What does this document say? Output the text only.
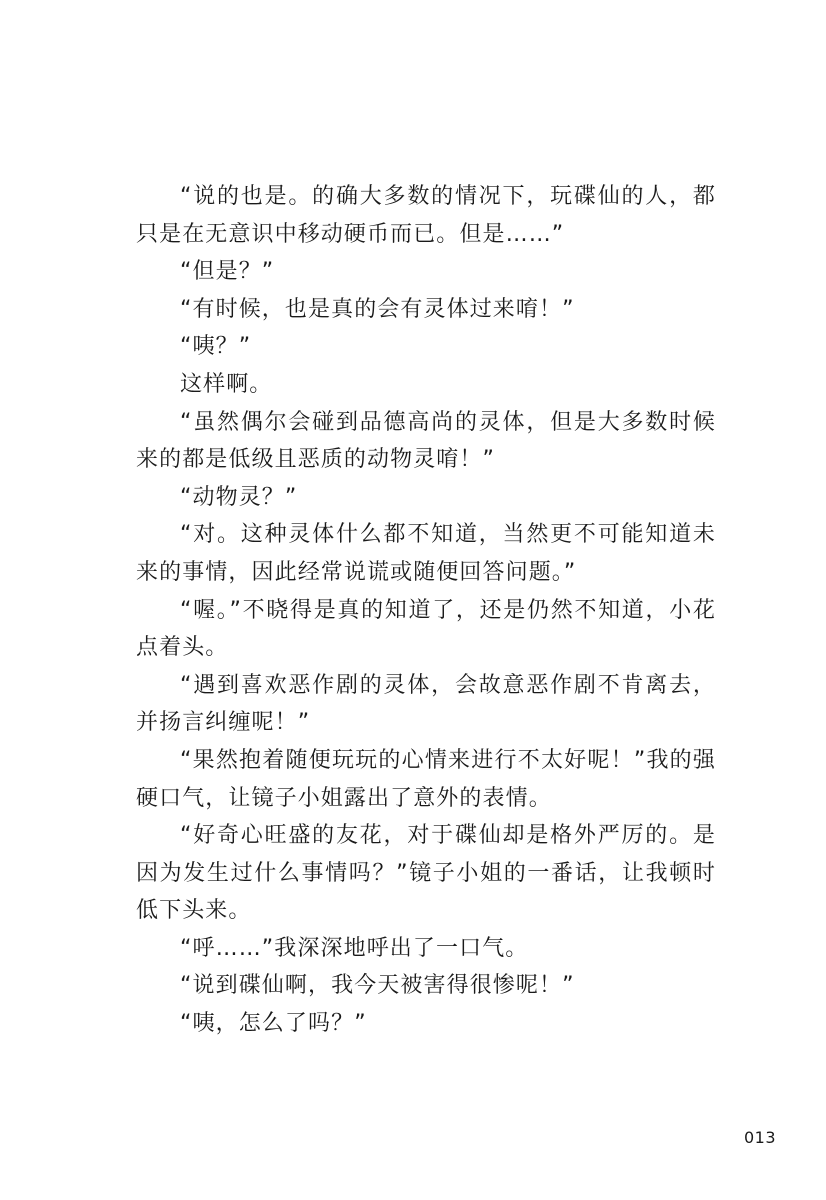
“说的也是。的确大多数的情况下，玩碟仙的人，都只是在无意识中移动硬币而已。但是……”

“但是？”

“有时候，也是真的会有灵体过来唷！”

“咦？”

这样啊。

“虽然偶尔会碰到品德高尚的灵体，但是大多数时候来的都是低级且恶质的动物灵唷！”

“动物灵？”

“对。这种灵体什么都不知道，当然更不可能知道未来的事情，因此经常说谎或随便回答问题。”

“喔。”不晓得是真的知道了，还是仍然不知道，小花点着头。

“遇到喜欢恶作剧的灵体，会故意恶作剧不肯离去，并扬言纠缠呢！”

“果然抱着随便玩玩的心情来进行不太好呢！”我的强硬口气，让镜子小姐露出了意外的表情。

“好奇心旺盛的友花，对于碟仙却是格外严厉的。是因为发生过什么事情吗？”镜子小姐的一番话，让我顿时低下头来。

“呼……”我深深地呼出了一口气。

“说到碟仙啊，我今天被害得很惨呢！”

“咦，怎么了吗？”

013
